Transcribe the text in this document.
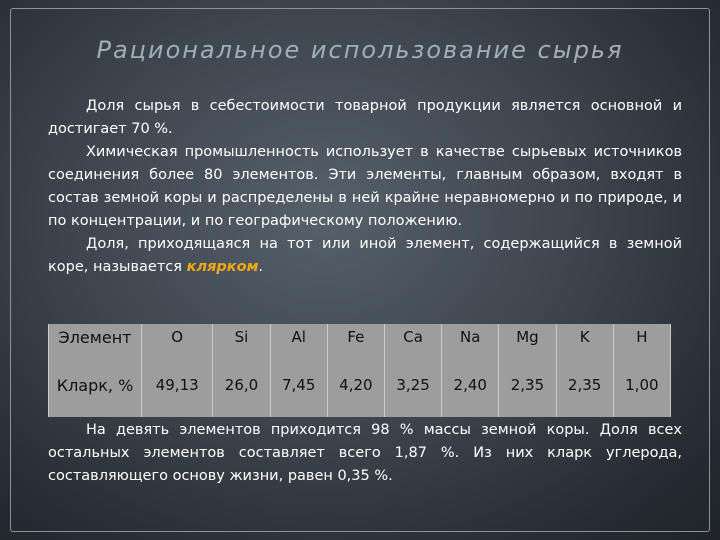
Рациональное использование сырья

Доля сырья в себестоимости товарной продукции является основной и достигает 70 %.

Химическая промышленность использует в качестве сырьевых источников соединения более 80 элементов. Эти элементы, главным образом, входят в состав земной коры и распределены в ней крайне неравномерно и по природе, и по концентрации, и по географическому положению.

Доля, приходящаяся на тот или иной элемент, содержащийся в земной коре, называется клярком.

Элемент	O	Si	Al	Fe	Ca	Na	Mg	K	H
Кларк, %	49,13	26,0	7,45	4,20	3,25	2,40	2,35	2,35	1,00

На девять элементов приходится 98 % массы земной коры. Доля всех остальных элементов составляет всего 1,87 %. Из них кларк углерода, составляющего основу жизни, равен 0,35 %.
